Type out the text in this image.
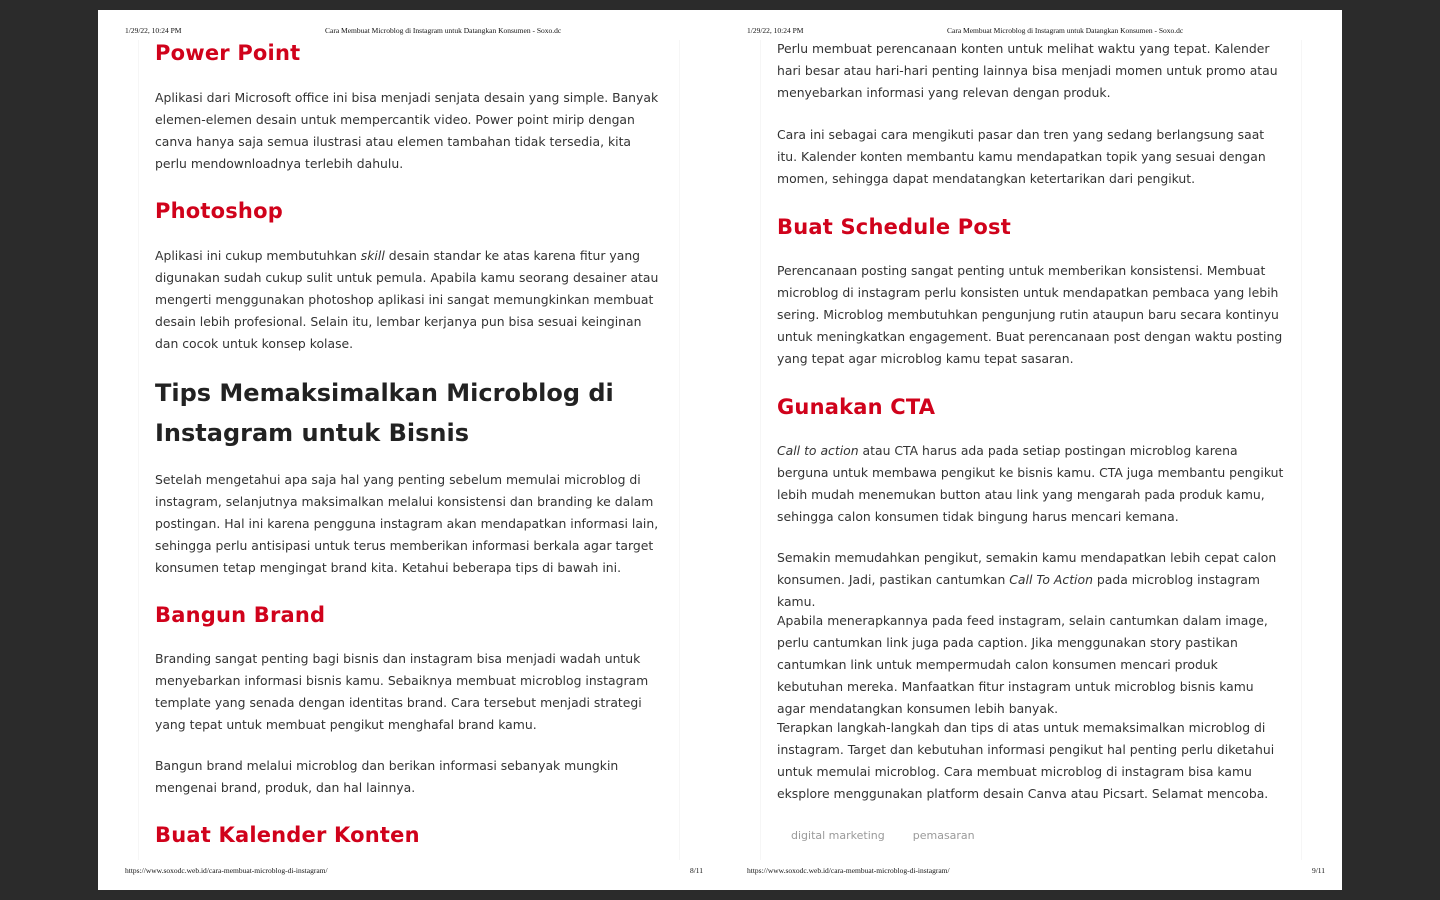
1/29/22, 10:24 PM	Cara Membuat Microblog di Instagram untuk Datangkan Konsumen - Soxo.dc
Power Point

Aplikasi dari Microsoft office ini bisa menjadi senjata desain yang simple. Banyak elemen-elemen desain untuk mempercantik video. Power point mirip dengan canva hanya saja semua ilustrasi atau elemen tambahan tidak tersedia, kita perlu mendownloadnya terlebih dahulu.

Photoshop

Aplikasi ini cukup membutuhkan skill desain standar ke atas karena fitur yang digunakan sudah cukup sulit untuk pemula. Apabila kamu seorang desainer atau mengerti menggunakan photoshop aplikasi ini sangat memungkinkan membuat desain lebih profesional. Selain itu, lembar kerjanya pun bisa sesuai keinginan dan cocok untuk konsep kolase.

Tips Memaksimalkan Microblog di Instagram untuk Bisnis

Setelah mengetahui apa saja hal yang penting sebelum memulai microblog di instagram, selanjutnya maksimalkan melalui konsistensi dan branding ke dalam postingan. Hal ini karena pengguna instagram akan mendapatkan informasi lain, sehingga perlu antisipasi untuk terus memberikan informasi berkala agar target konsumen tetap mengingat brand kita. Ketahui beberapa tips di bawah ini.

Bangun Brand

Branding sangat penting bagi bisnis dan instagram bisa menjadi wadah untuk menyebarkan informasi bisnis kamu. Sebaiknya membuat microblog instagram template yang senada dengan identitas brand. Cara tersebut menjadi strategi yang tepat untuk membuat pengikut menghafal brand kamu.

Bangun brand melalui microblog dan berikan informasi sebanyak mungkin mengenai brand, produk, dan hal lainnya.

Buat Kalender Konten
https://www.soxodc.web.id/cara-membuat-microblog-di-instagram/	8/11
1/29/22, 10:24 PM	Cara Membuat Microblog di Instagram untuk Datangkan Konsumen - Soxo.dc

Perlu membuat perencanaan konten untuk melihat waktu yang tepat. Kalender hari besar atau hari-hari penting lainnya bisa menjadi momen untuk promo atau menyebarkan informasi yang relevan dengan produk.

Cara ini sebagai cara mengikuti pasar dan tren yang sedang berlangsung saat itu. Kalender konten membantu kamu mendapatkan topik yang sesuai dengan momen, sehingga dapat mendatangkan ketertarikan dari pengikut.

Buat Schedule Post

Perencanaan posting sangat penting untuk memberikan konsistensi. Membuat microblog di instagram perlu konsisten untuk mendapatkan pembaca yang lebih sering. Microblog membutuhkan pengunjung rutin ataupun baru secara kontinyu untuk meningkatkan engagement. Buat perencanaan post dengan waktu posting yang tepat agar microblog kamu tepat sasaran.

Gunakan CTA

Call to action atau CTA harus ada pada setiap postingan microblog karena berguna untuk membawa pengikut ke bisnis kamu. CTA juga membantu pengikut lebih mudah menemukan button atau link yang mengarah pada produk kamu, sehingga calon konsumen tidak bingung harus mencari kemana.

Semakin memudahkan pengikut, semakin kamu mendapatkan lebih cepat calon konsumen. Jadi, pastikan cantumkan Call To Action pada microblog instagram kamu.

Apabila menerapkannya pada feed instagram, selain cantumkan dalam image, perlu cantumkan link juga pada caption. Jika menggunakan story pastikan cantumkan link untuk mempermudah calon konsumen mencari produk kebutuhan mereka. Manfaatkan fitur instagram untuk microblog bisnis kamu agar mendatangkan konsumen lebih banyak.

Terapkan langkah-langkah dan tips di atas untuk memaksimalkan microblog di instagram. Target dan kebutuhan informasi pengikut hal penting perlu diketahui untuk memulai microblog. Cara membuat microblog di instagram bisa kamu eksplore menggunakan platform desain Canva atau Picsart. Selamat mencoba.

digital marketing	pemasaran
https://www.soxodc.web.id/cara-membuat-microblog-di-instagram/	9/11
